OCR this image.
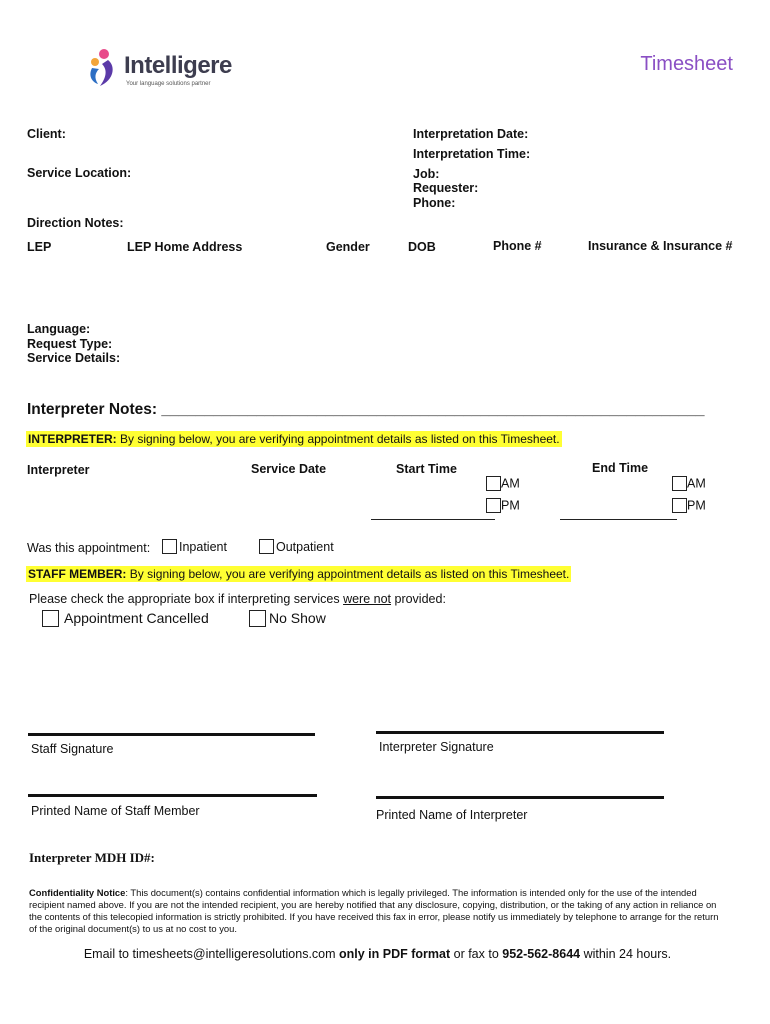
Intelligere
Your language solutions partner
Timesheet
Client:	Interpretation Date:
Interpretation Time:
Service Location:	Job:
Requester:
Phone:
Direction Notes:
LEP	LEP Home Address	Gender	DOB	Phone #	Insurance & Insurance #
Language:
Request Type:
Service Details:
Interpreter Notes: _______________________________________________________________
INTERPRETER: By signing below, you are verifying appointment details as listed on this Timesheet.
Interpreter	Service Date	Start Time	End Time
AM
PM
AM
PM
Was this appointment:	Inpatient	Outpatient
STAFF MEMBER: By signing below, you are verifying appointment details as listed on this Timesheet.
Please check the appropriate box if interpreting services were not provided:
Appointment Cancelled	No Show
Staff Signature	Interpreter Signature
Printed Name of Staff Member	Printed Name of Interpreter
Interpreter MDH ID#:
Confidentiality Notice: This document(s) contains confidential information which is legally privileged. The information is intended only for the use of the intended recipient named above. If you are not the intended recipient, you are hereby notified that any disclosure, copying, distribution, or the taking of any action in reliance on the contents of this telecopied information is strictly prohibited. If you have received this fax in error, please notify us immediately by telephone to arrange for the return of the original document(s) to us at no cost to you.
Email to timesheets@intelligeresolutions.com only in PDF format or fax to 952-562-8644 within 24 hours.
